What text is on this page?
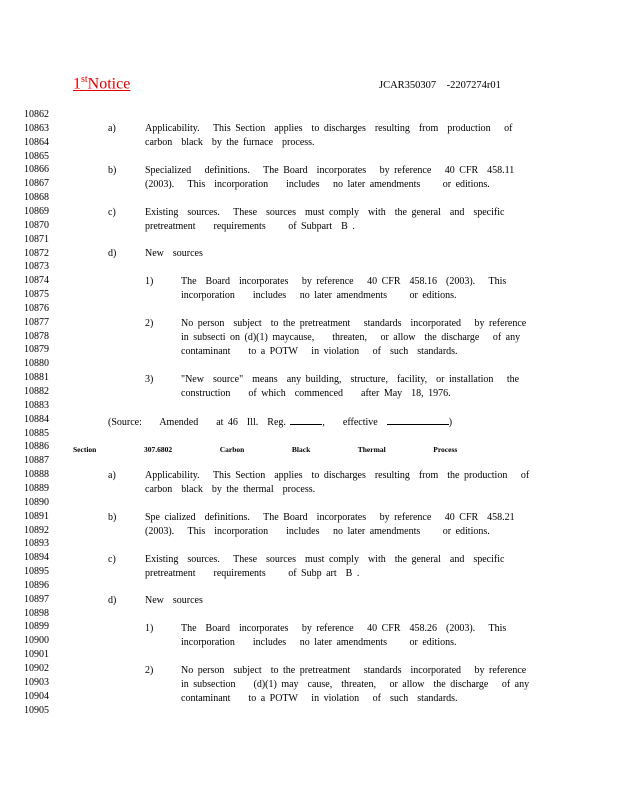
1stNotice	JCAR350307    -2207274r01
10862
10863
10864
10865
10866
10867
10868
10869
10870
10871
10872
10873
10874
10875
10876
10877
10878
10879
10880
10881
10882
10883
10884
10885
10886
10887
10888
10889
10890
10891
10892
10893
10894
10895
10896
10897
10898
10899
10900
10901
10902
10903
10904
10905
a)	Applicability.   This Section  applies  to discharges  resulting  from  production   of
carbon  black  by the furnace  process.
b)	Specialized   definitions.   The Board  incorporates   by reference   40 CFR  458.11
(2003).   This  incorporation    includes   no later amendments     or editions.
c)	Existing  sources.   These  sources  must comply  with  the general  and  specific
pretreatment    requirements     of Subpart  B .
d)	New  sources
1)	The  Board  incorporates   by reference   40 CFR  458.16  (2003).   This
incorporation    includes   no later amendments     or editions.
2)	No person  subject  to the pretreatment   standards  incorporated   by reference
in subsecti on (d)(1) maycause,    threaten,   or allow  the discharge   of any
contaminant    to a POTW   in violation   of  such  standards.
3)	"New  source"  means  any building,  structure,  facility,  or installation   the
construction    of which  commenced    after May  18, 1976.
(Source:    Amended    at 46  Ill.  Reg.	,    effective	)
Section   307.6802   Carbon   Black   Thermal   Process
a)	Applicability.   This Section  applies  to discharges  resulting  from  the production   of
carbon  black  by the thermal  process.
b)	Spe cialized  definitions.   The Board  incorporates   by reference   40 CFR  458.21
(2003).   This  incorporation    includes   no later amendments     or editions.
c)	Existing  sources.   These  sources  must comply  with  the general  and  specific
pretreatment    requirements     of Subp art  B .
d)	New  sources
1)	The  Board  incorporates   by reference   40 CFR  458.26  (2003).   This
incorporation    includes   no later amendments     or editions.
2)	No person  subject  to the pretreatment   standards  incorporated   by reference
in subsection    (d)(1) may  cause,  threaten,   or allow  the discharge   of any
contaminant    to a POTW   in violation   of  such  standards.
